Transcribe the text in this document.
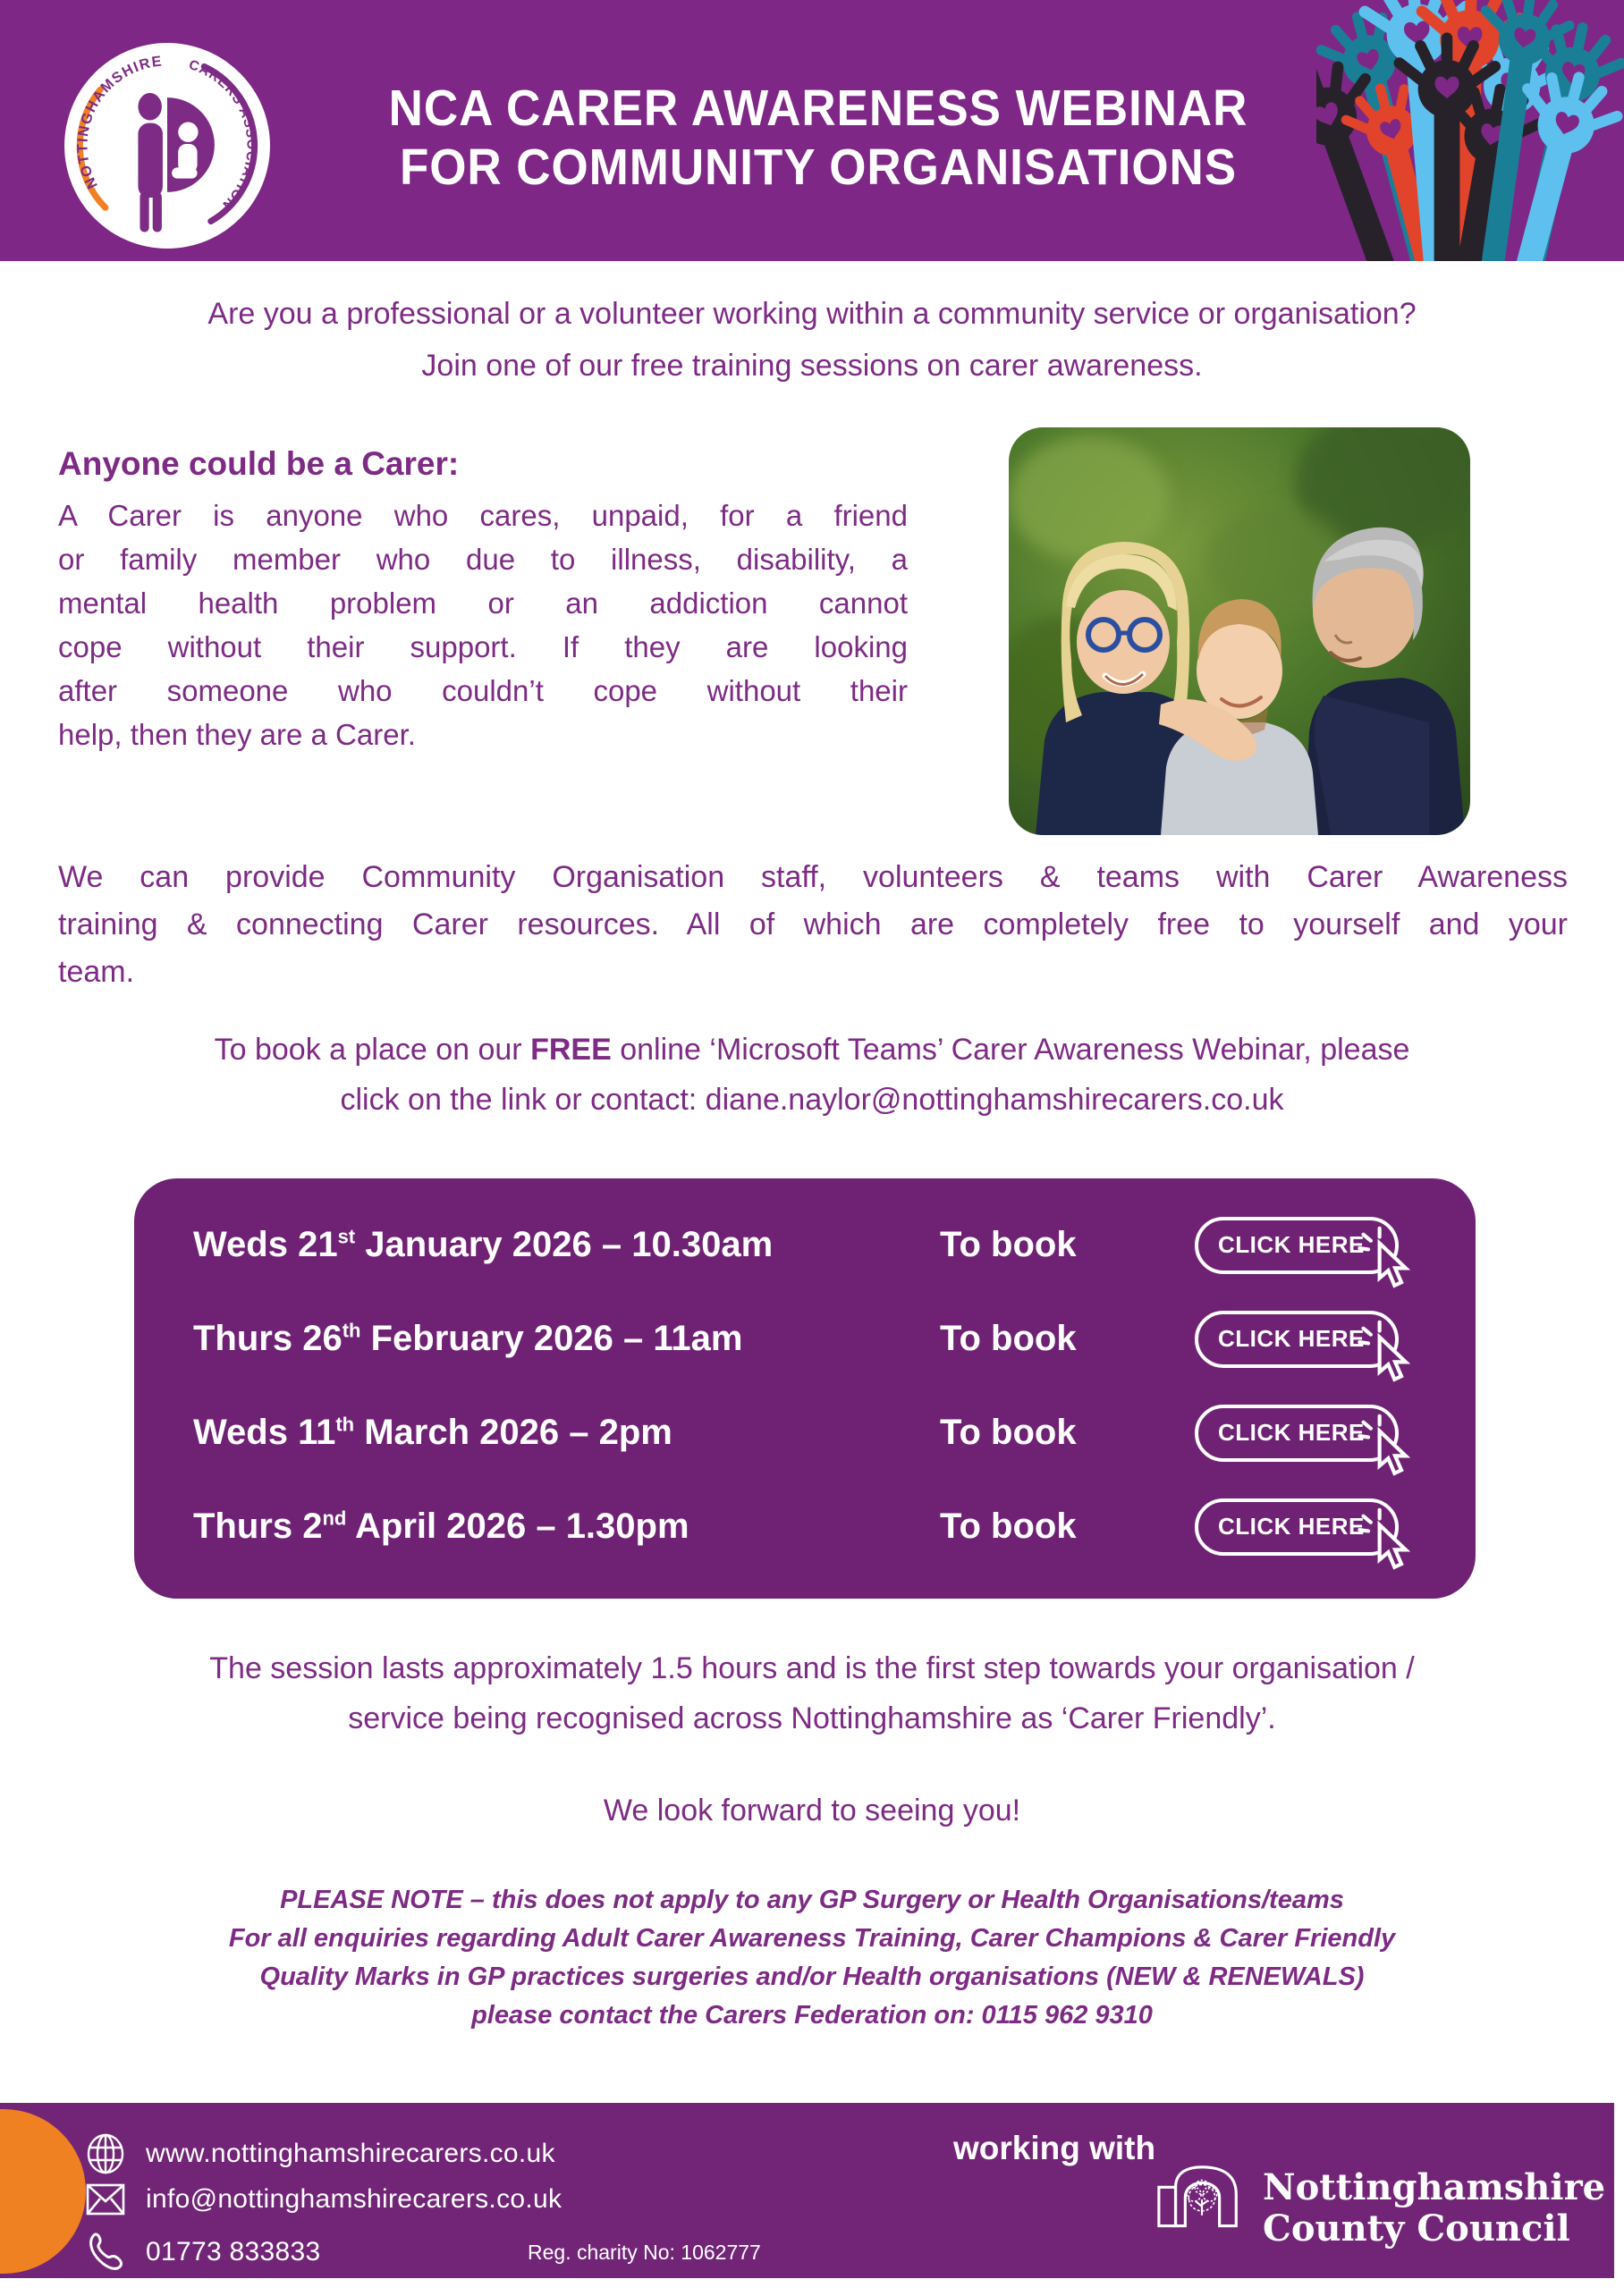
NOTTINGHAMSHIRE CARERS ASSOCIATION
NCA CARER AWARENESS WEBINAR
FOR COMMUNITY ORGANISATIONS
Are you a professional or a volunteer working within a community service or organisation?
Join one of our free training sessions on carer awareness.
Anyone could be a Carer:
A Carer is anyone who cares, unpaid, for a friend
or family member who due to illness, disability, a
mental health problem or an addiction cannot
cope without their support. If they are looking
after someone who couldn’t cope without their
help, then they are a Carer.
We can provide Community Organisation staff, volunteers & teams with Carer Awareness
training & connecting Carer resources. All of which are completely free to yourself and your
team.
To book a place on our FREE online ‘Microsoft Teams’ Carer Awareness Webinar, please
click on the link or contact: diane.naylor@nottinghamshirecarers.co.uk
Weds 21st January 2026 – 10.30am	To book	CLICK HERE
Thurs 26th February 2026 – 11am	To book	CLICK HERE
Weds 11th March 2026 – 2pm	To book	CLICK HERE
Thurs 2nd April 2026 – 1.30pm	To book	CLICK HERE
The session lasts approximately 1.5 hours and is the first step towards your organisation /
service being recognised across Nottinghamshire as ‘Carer Friendly’.
We look forward to seeing you!
PLEASE NOTE – this does not apply to any GP Surgery or Health Organisations/teams
For all enquiries regarding Adult Carer Awareness Training, Carer Champions & Carer Friendly
Quality Marks in GP practices surgeries and/or Health organisations (NEW & RENEWALS)
please contact the Carers Federation on: 0115 962 9310
www.nottinghamshirecarers.co.uk
info@nottinghamshirecarers.co.uk
01773 833833	Reg. charity No: 1062777
working with
Nottinghamshire
County Council
